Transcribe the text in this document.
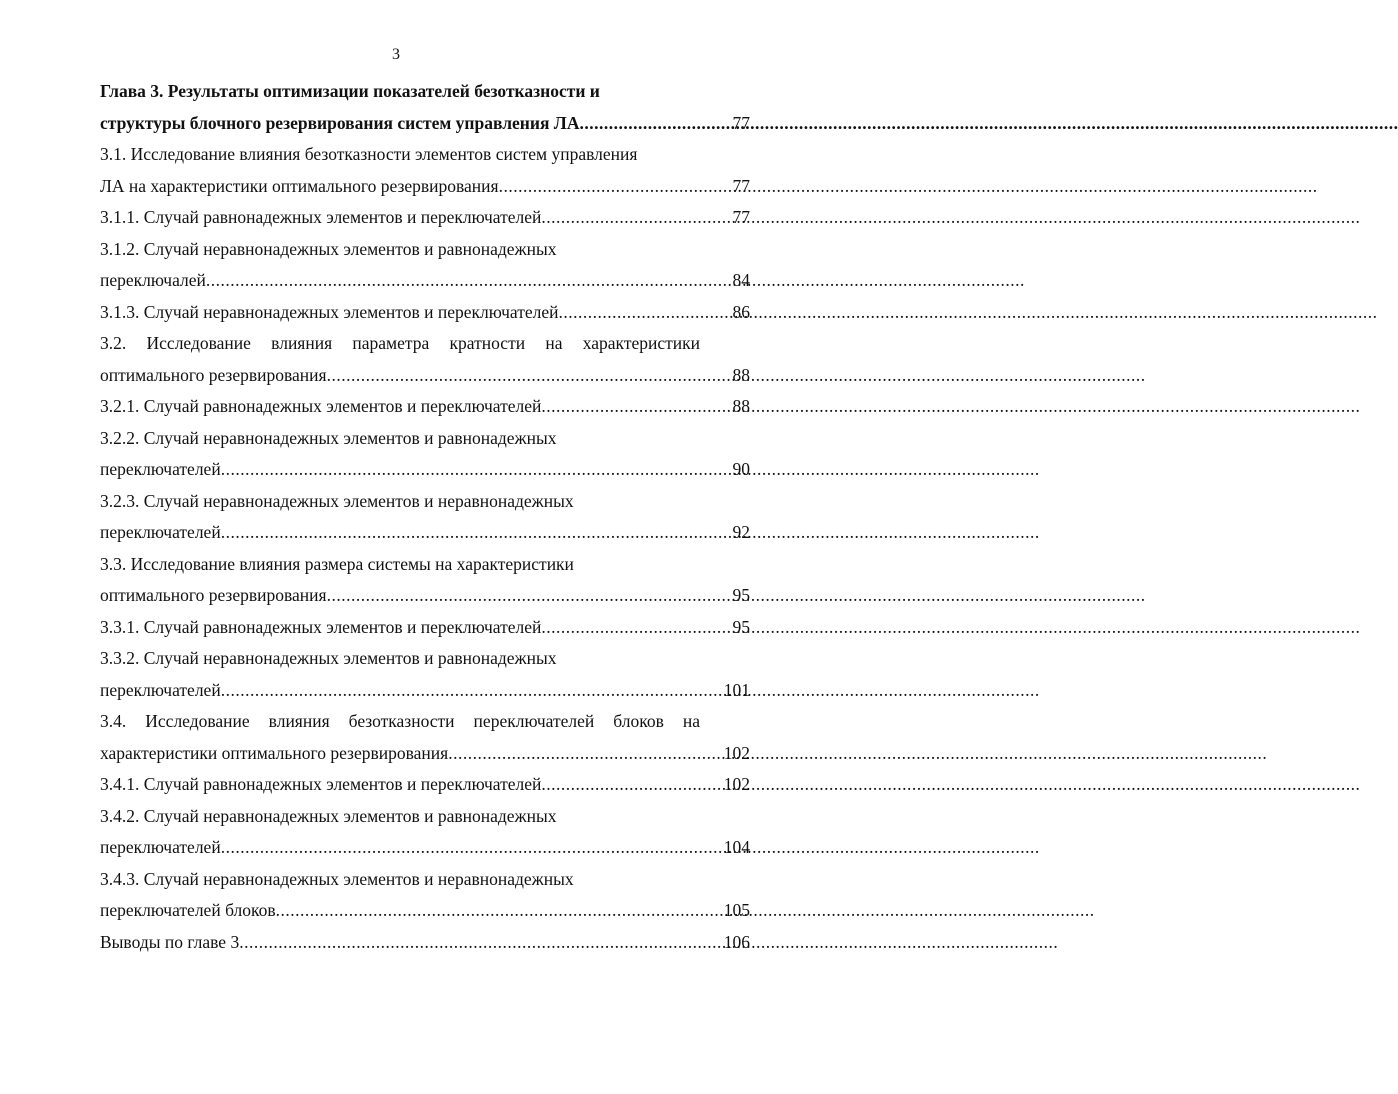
3
Глава 3. Результаты оптимизации показателей безотказности и
структуры блочного резервирования систем управления ЛА .....	77
3.1. Исследование влияния безотказности элементов систем управления
ЛА на характеристики оптимального резервирования .....	77
3.1.1. Случай равнонадежных элементов и переключателей .....	77
3.1.2. Случай неравнонадежных элементов и равнонадежных
переключалей .....	84
3.1.3. Случай неравнонадежных элементов и переключателей .....	86
3.2. Исследование влияния параметра кратности на характеристики
оптимального резервирования .....	88
3.2.1. Случай равнонадежных элементов и переключателей .....	88
3.2.2. Случай неравнонадежных элементов и равнонадежных
переключателей .....	90
3.2.3. Случай неравнонадежных элементов и неравнонадежных
переключателей .....	92
3.3. Исследование влияния размера системы на характеристики
оптимального резервирования .....	95
3.3.1. Случай равнонадежных элементов и переключателей .....	95
3.3.2. Случай неравнонадежных элементов и равнонадежных
переключателей .....	101
3.4. Исследование влияния безотказности переключателей блоков на
характеристики оптимального резервирования .....	102
3.4.1. Случай равнонадежных элементов и переключателей .....	102
3.4.2. Случай неравнонадежных элементов и равнонадежных
переключателей .....	104
3.4.3. Случай неравнонадежных элементов и неравнонадежных
переключателей блоков .....	105
Выводы по главе 3 .....	106
